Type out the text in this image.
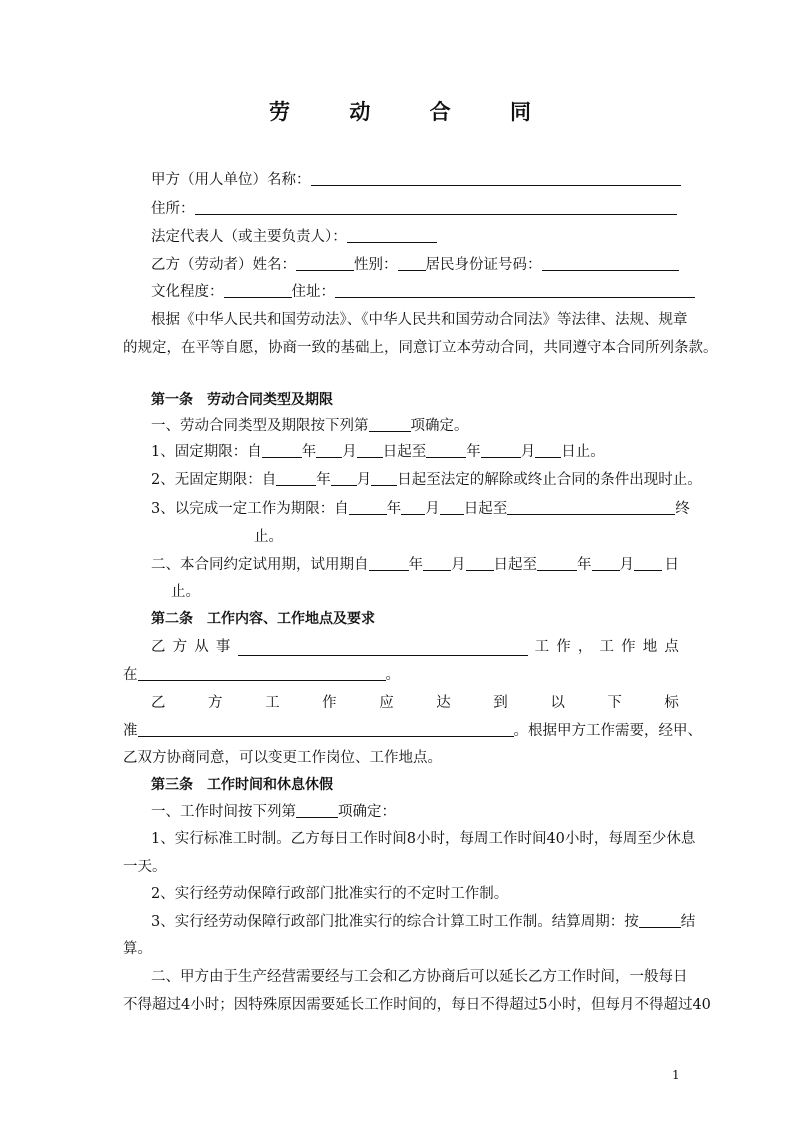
劳 动 合 同
甲方（用人单位）名称：
住所：
法定代表人（或主要负责人）：
乙方（劳动者）姓名：	性别： 居民身份证号码：
文化程度：	住址：
根据《中华人民共和国劳动法》、《中华人民共和国劳动合同法》等法律、法规、规章
的规定，在平等自愿，协商一致的基础上，同意订立本劳动合同，共同遵守本合同所列条款。
第一条　劳动合同类型及期限
一、劳动合同类型及期限按下列第	项确定。
1、固定期限：自	年 月 日起至	年	月 日止。
2、无固定期限：自	年 月 日起至法定的解除或终止合同的条件出现时止。
3、以完成一定工作为期限：自	年 月 日起至	终
止。
二、本合同约定试用期，试用期自	年 月 日起至	年 月	日
止。
第二条　工作内容、工作地点及要求
乙 方 从 事	工 作 ， 工 作 地 点
在	。
乙	方	工	作	应	达	到	以	下	标
准	。根据甲方工作需要，经甲、
乙双方协商同意，可以变更工作岗位、工作地点。
第三条　工作时间和休息休假
一、工作时间按下列第	项确定：
1、实行标准工时制。乙方每日工作时间8小时，每周工作时间40小时，每周至少休息
一天。
2、实行经劳动保障行政部门批准实行的不定时工作制。
3、实行经劳动保障行政部门批准实行的综合计算工时工作制。结算周期：按	结
算。
二、甲方由于生产经营需要经与工会和乙方协商后可以延长乙方工作时间，一般每日
不得超过4小时；因特殊原因需要延长工作时间的，每日不得超过5小时，但每月不得超过40
1
